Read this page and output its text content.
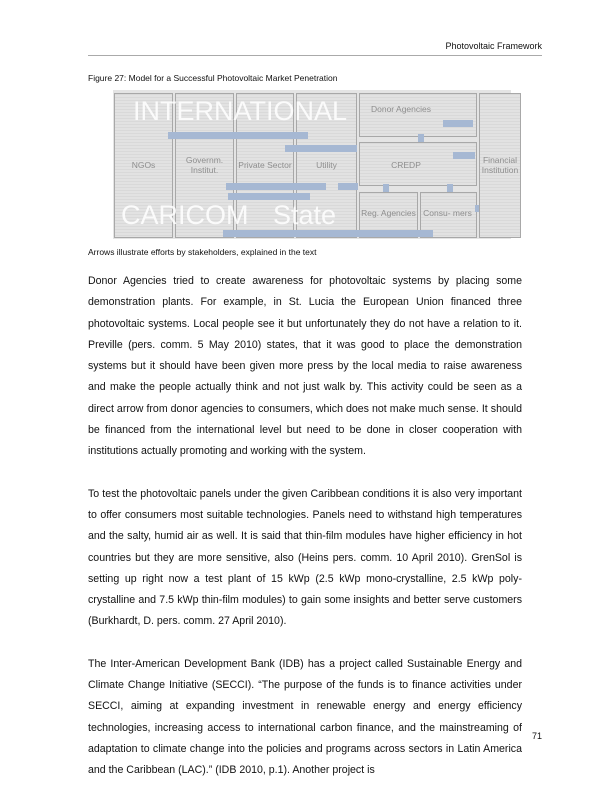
Photovoltaic Framework
Figure 27: Model for a Successful Photovoltaic Market Penetration
INTERNATIONAL
CARICOM State
NGOs
Governm. Institut.
Private Sector	Utility
Donor Agencies
CREDP
Reg. Agencies Consu- mers
Financial Institution
Arrows illustrate efforts by stakeholders, explained in the text

Donor Agencies tried to create awareness for photovoltaic systems by placing some demonstration plants. For example, in St. Lucia the European Union financed three photovoltaic systems. Local people see it but unfortunately they do not have a relation to it. Preville (pers. comm. 5 May 2010) states, that it was good to place the demonstration systems but it should have been given more press by the local media to raise awareness and make the people actually think and not just walk by. This activity could be seen as a direct arrow from donor agencies to consumers, which does not make much sense. It should be financed from the international level but need to be done in closer cooperation with institutions actually promoting and working with the system.

To test the photovoltaic panels under the given Caribbean conditions it is also very important to offer consumers most suitable technologies. Panels need to withstand high temperatures and the salty, humid air as well. It is said that thin-film modules have higher efficiency in hot countries but they are more sensitive, also (Heins pers. comm. 10 April 2010). GrenSol is setting up right now a test plant of 15 kWp (2.5 kWp mono-crystalline, 2.5 kWp poly-crystalline and 7.5 kWp thin-film modules) to gain some insights and better serve customers (Burkhardt, D. pers. comm. 27 April 2010).

The Inter-American Development Bank (IDB) has a project called Sustainable Energy and Climate Change Initiative (SECCI). “The purpose of the funds is to finance activities under SECCI, aiming at expanding investment in renewable energy and energy efficiency technologies, increasing access to international carbon finance, and the mainstreaming of adaptation to climate change into the policies and programs across sectors in Latin America and the Caribbean (LAC).” (IDB 2010, p.1). Another project is

71
